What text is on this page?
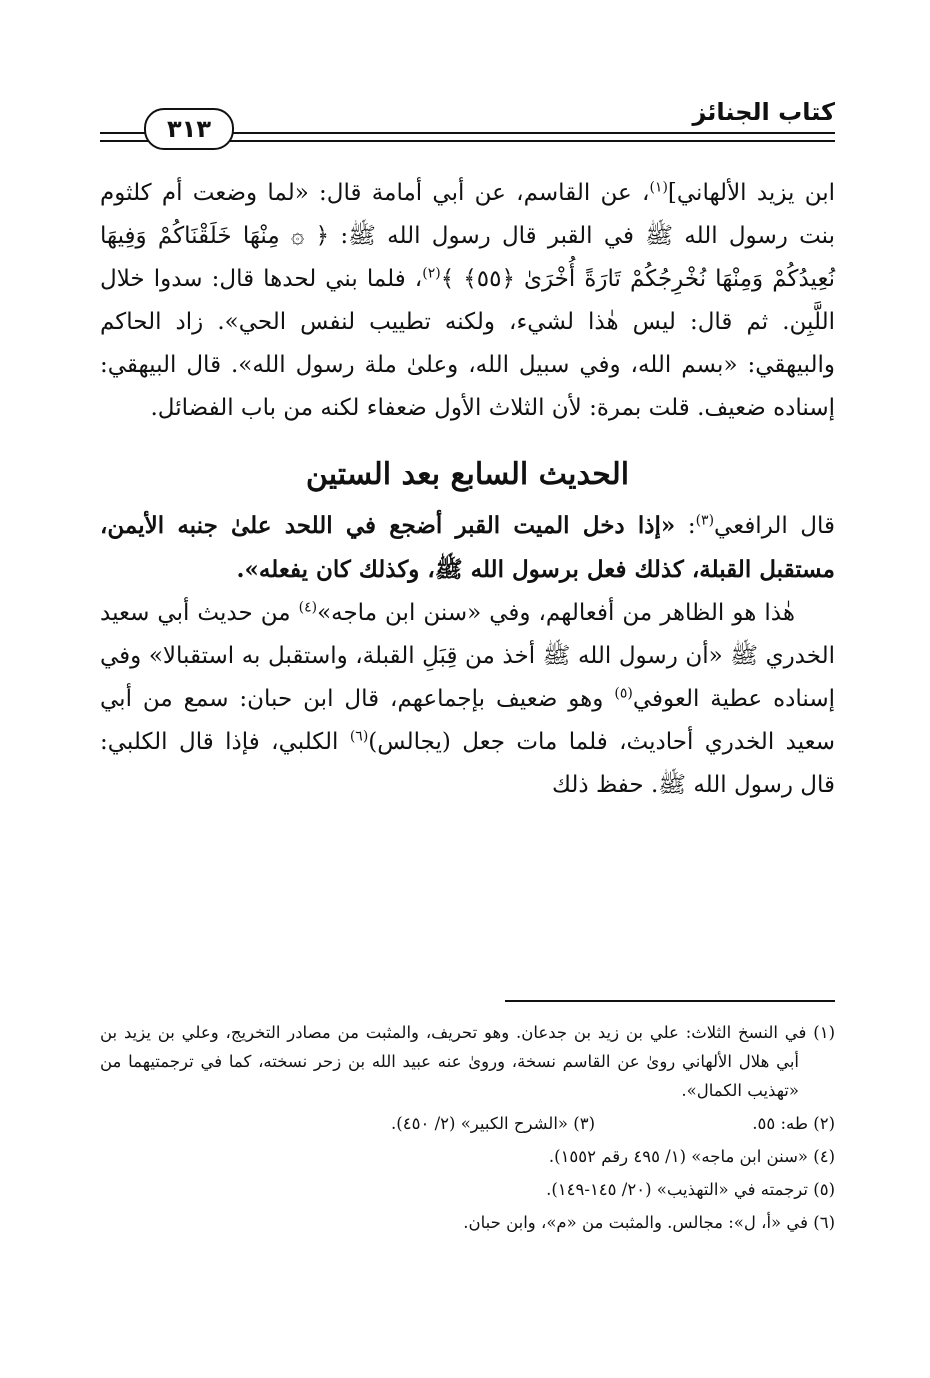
كتاب الجنائز
٣١٣

ابن يزيد الألهاني]$^{(١)}$، عن القاسم، عن أبي أمامة قال: «لما وضعت أم كلثوم بنت رسول الله ﷺ في القبر قال رسول الله ﷺ: ﴿ ۞ مِنْهَا خَلَقْنَاكُمْ وَفِيهَا نُعِيدُكُمْ وَمِنْهَا نُخْرِجُكُمْ تَارَةً أُخْرَىٰ ﴿٥٥﴾ ﴾$^{(٢)}$، فلما بني لحدها قال: سدوا خلال اللَّبِن. ثم قال: ليس هٰذا لشيء، ولكنه تطييب لنفس الحي». زاد الحاكم والبيهقي: «بسم الله، وفي سبيل الله، وعلىٰ ملة رسول الله». قال البيهقي: إسناده ضعيف. قلت بمرة: لأن الثلاث الأول ضعفاء لكنه من باب الفضائل.

الحديث السابع بعد الستين

قال الرافعي$^{(٣)}$: «إذا دخل الميت القبر أضجع في اللحد علىٰ جنبه الأيمن، مستقبل القبلة، كذلك فعل برسول الله ﷺ، وكذلك كان يفعله».

هٰذا هو الظاهر من أفعالهم، وفي «سنن ابن ماجه»$^{(٤)}$ من حديث أبي سعيد الخدري ﷺ «أن رسول الله ﷺ أخذ من قِبَلِ القبلة، واستقبل به استقبالا» وفي إسناده عطية العوفي$^{(٥)}$ وهو ضعيف بإجماعهم، قال ابن حبان: سمع من أبي سعيد الخدري أحاديث، فلما مات جعل (يجالس)$^{(٦)}$ الكلبي، فإذا قال الكلبي: قال رسول الله ﷺ. حفظ ذلك

(١) في النسخ الثلاث: علي بن زيد بن جدعان. وهو تحريف، والمثبت من مصادر التخريج، وعلي بن يزيد بن أبي هلال الألهاني روىٰ عن القاسم نسخة، وروىٰ عنه عبيد الله بن زحر نسخته، كما في ترجمتيهما من «تهذيب الكمال».

(٢) طه: ٥٥.
(٣) «الشرح الكبير» (٢/ ٤٥٠).

(٤) «سنن ابن ماجه» (١/ ٤٩٥ رقم ١٥٥٢).

(٥) ترجمته في «التهذيب» (٢٠/ ١٤٥-١٤٩).

(٦) في «أ، ل»: مجالس. والمثبت من «م»، وابن حبان.
